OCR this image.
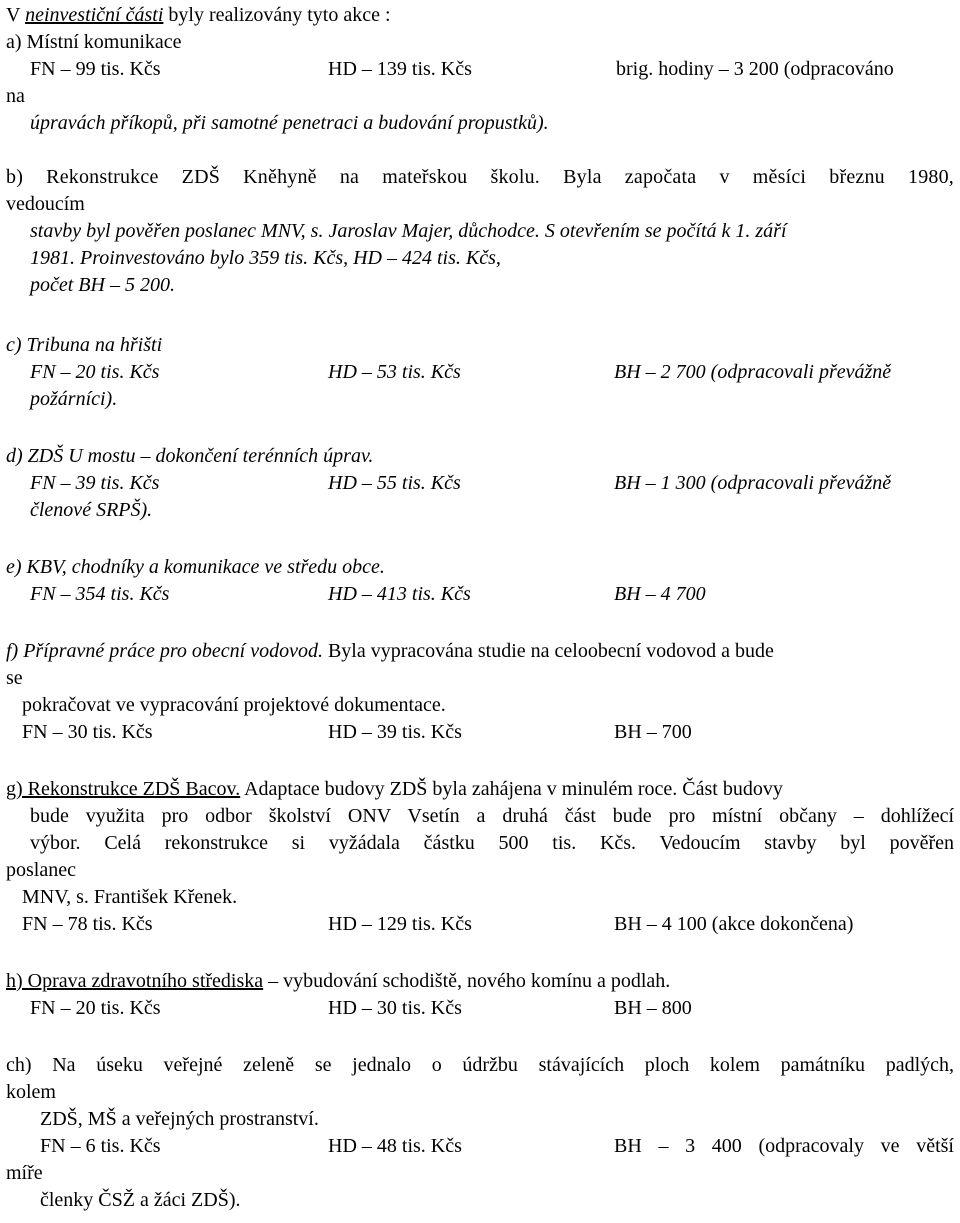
V neinvestiční části byly realizovány tyto akce :

a) Místní komunikace

FN – 99 tis. Kčs	HD – 139 tis. Kčs	brig. hodiny – 3 200 (odpracováno

na

úpravách příkopů, při samotné penetraci a budování propustků).

b) Rekonstrukce ZDŠ Kněhyně na mateřskou školu. Byla započata v měsíci březnu 1980,

vedoucím

stavby byl pověřen poslanec MNV, s. Jaroslav Majer, důchodce. S otevřením se počítá k 1. září

1981. Proinvestováno bylo 359 tis. Kčs, HD – 424 tis. Kčs,

počet BH – 5 200.

c) Tribuna na hřišti

FN – 20 tis. Kčs	HD – 53 tis. Kčs	BH – 2 700 (odpracovali převážně

požárníci).

d) ZDŠ U mostu – dokončení terénních úprav.

FN – 39 tis. Kčs	HD – 55 tis. Kčs	BH – 1 300 (odpracovali převážně

členové SRPŠ).

e) KBV, chodníky a komunikace ve středu obce.

FN – 354 tis. Kčs	HD – 413 tis. Kčs	BH – 4 700

f) Přípravné práce pro obecní vodovod. Byla vypracována studie na celoobecní vodovod a bude

se

pokračovat ve vypracování projektové dokumentace.

FN – 30 tis. Kčs	HD – 39 tis. Kčs	BH – 700

g) Rekonstrukce ZDŠ Bacov. Adaptace budovy ZDŠ byla zahájena v minulém roce. Část budovy

bude využita pro odbor školství ONV Vsetín a druhá část bude pro místní občany – dohlížecí

výbor. Celá rekonstrukce si vyžádala částku 500 tis. Kčs. Vedoucím stavby byl pověřen

poslanec

MNV, s. František Křenek.

FN – 78 tis. Kčs	HD – 129 tis. Kčs	BH – 4 100 (akce dokončena)

h) Oprava zdravotního střediska – vybudování schodiště, nového komínu a podlah.

FN – 20 tis. Kčs	HD – 30 tis. Kčs	BH – 800

ch) Na úseku veřejné zeleně se jednalo o údržbu stávajících ploch kolem památníku padlých,

kolem

ZDŠ, MŠ a veřejných prostranství.

FN – 6 tis. Kčs	HD – 48 tis. Kčs	BH – 3 400 (odpracovaly ve větší

míře

členky ČSŽ a žáci ZDŠ).
